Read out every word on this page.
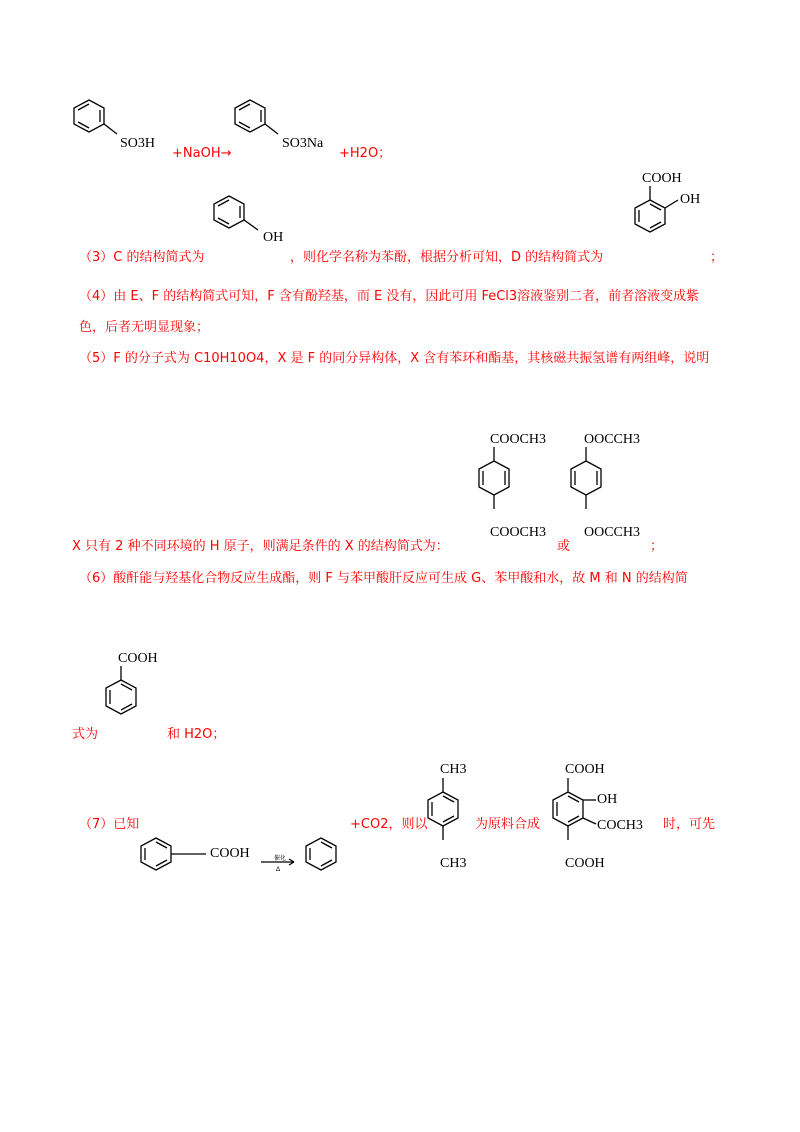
SO3H
+NaOH→
SO3Na
+H2O；
OH
COOH
OH
（3）C 的结构简式为	，则化学名称为苯酚，根据分析可知，D 的结构简式为	；
（4）由 E、F 的结构简式可知，F 含有酚羟基，而 E 没有，因此可用 FeCl3溶液鉴别二者，前者溶液变成紫
色，后者无明显现象；
（5）F 的分子式为 C10H10O4，X 是 F 的同分异构体，X 含有苯环和酯基，其核磁共振氢谱有两组峰，说明
COOCH3
COOCH3
OOCCH3
OOCCH3
X 只有 2 种不同环境的 H 原子，则满足条件的 X 的结构简式为：	或	；
（6）酸酐能与羟基化合物反应生成酯，则 F 与苯甲酸肝反应可生成 G、苯甲酸和水，故 M 和 N 的结构简
COOH
式为	和 H2O；
（7）已知
COOH	催化
Δ
+CO2，则以
CH3
CH3
为原料合成
COOH
OH
COCH3
COOH
时，可先
